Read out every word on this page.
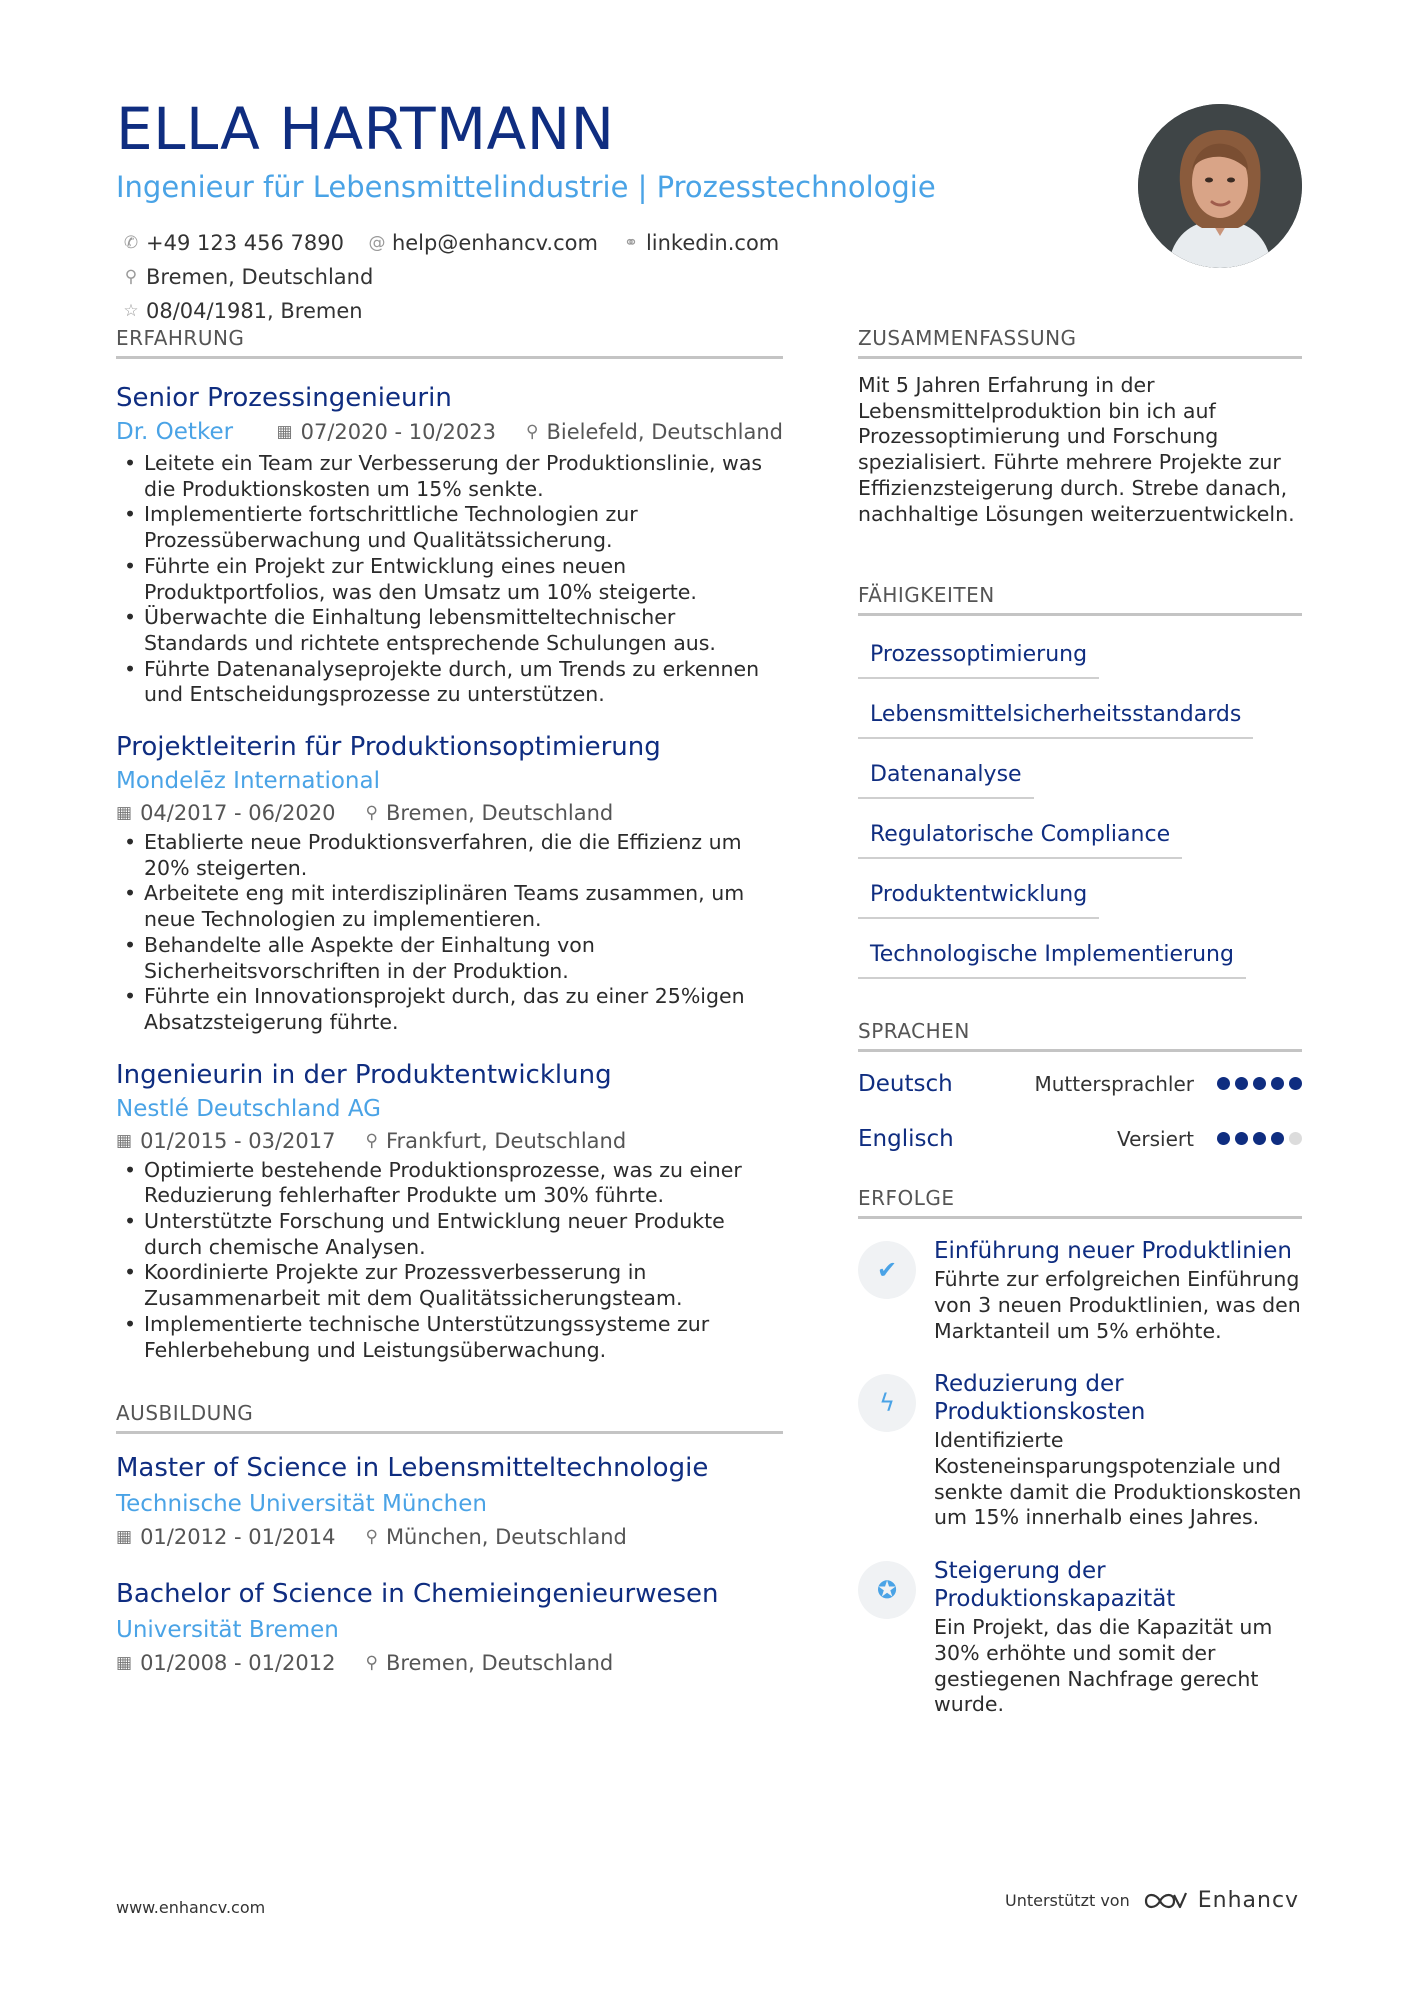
ELLA HARTMANN
Ingenieur für Lebensmittelindustrie | Prozesstechnologie
✆ +49 123 456 7890 @ help@enhancv.com ⚭ linkedin.com
⚲ Bremen, Deutschland

☆ 08/04/1981, Bremen
ERFAHRUNG
Senior Prozessingenieurin
Dr. Oetker	▦ 07/2020 - 10/2023 ⚲ Bielefeld, Deutschland
• Leitete ein Team zur Verbesserung der Produktionslinie, was die Produktionskosten um 15% senkte.
• Implementierte fortschrittliche Technologien zur Prozessüberwachung und Qualitätssicherung.
• Führte ein Projekt zur Entwicklung eines neuen Produktportfolios, was den Umsatz um 10% steigerte.
• Überwachte die Einhaltung lebensmitteltechnischer Standards und richtete entsprechende Schulungen aus.
• Führte Datenanalyseprojekte durch, um Trends zu erkennen und Entscheidungsprozesse zu unterstützen.
Projektleiterin für Produktionsoptimierung
Mondelēz International
▦ 04/2017 - 06/2020 ⚲ Bremen, Deutschland
• Etablierte neue Produktionsverfahren, die die Effizienz um 20% steigerten.
• Arbeitete eng mit interdisziplinären Teams zusammen, um neue Technologien zu implementieren.
• Behandelte alle Aspekte der Einhaltung von Sicherheitsvorschriften in der Produktion.
• Führte ein Innovationsprojekt durch, das zu einer 25%igen Absatzsteigerung führte.
Ingenieurin in der Produktentwicklung
Nestlé Deutschland AG
▦ 01/2015 - 03/2017 ⚲ Frankfurt, Deutschland
• Optimierte bestehende Produktionsprozesse, was zu einer Reduzierung fehlerhafter Produkte um 30% führte.
• Unterstützte Forschung und Entwicklung neuer Produkte durch chemische Analysen.
• Koordinierte Projekte zur Prozessverbesserung in Zusammenarbeit mit dem Qualitätssicherungsteam.
• Implementierte technische Unterstützungssysteme zur Fehlerbehebung und Leistungsüberwachung.
AUSBILDUNG
Master of Science in Lebensmitteltechnologie
Technische Universität München
▦ 01/2012 - 01/2014 ⚲ München, Deutschland
Bachelor of Science in Chemieingenieurwesen
Universität Bremen
▦ 01/2008 - 01/2012 ⚲ Bremen, Deutschland
ZUSAMMENFASSUNG
Mit 5 Jahren Erfahrung in der Lebensmittelproduktion bin ich auf Prozessoptimierung und Forschung spezialisiert. Führte mehrere Projekte zur Effizienzsteigerung durch. Strebe danach, nachhaltige Lösungen weiterzuentwickeln.
FÄHIGKEITEN
Prozessoptimierung
Lebensmittelsicherheitsstandards
Datenanalyse
Regulatorische Compliance
Produktentwicklung
Technologische Implementierung
SPRACHEN
Deutsch	Muttersprachler
Englisch	Versiert
ERFOLGE
✔
Einführung neuer Produktlinien
Führte zur erfolgreichen Einführung von 3 neuen Produktlinien, was den Marktanteil um 5% erhöhte.
ϟ
Reduzierung der Produktionskosten
Identifizierte Kosteneinsparungspotenziale und senkte damit die Produktionskosten um 15% innerhalb eines Jahres.
✪
Steigerung der Produktionskapazität
Ein Projekt, das die Kapazität um 30% erhöhte und somit der gestiegenen Nachfrage gerecht wurde.
www.enhancv.com	Unterstützt von	Enhancv
